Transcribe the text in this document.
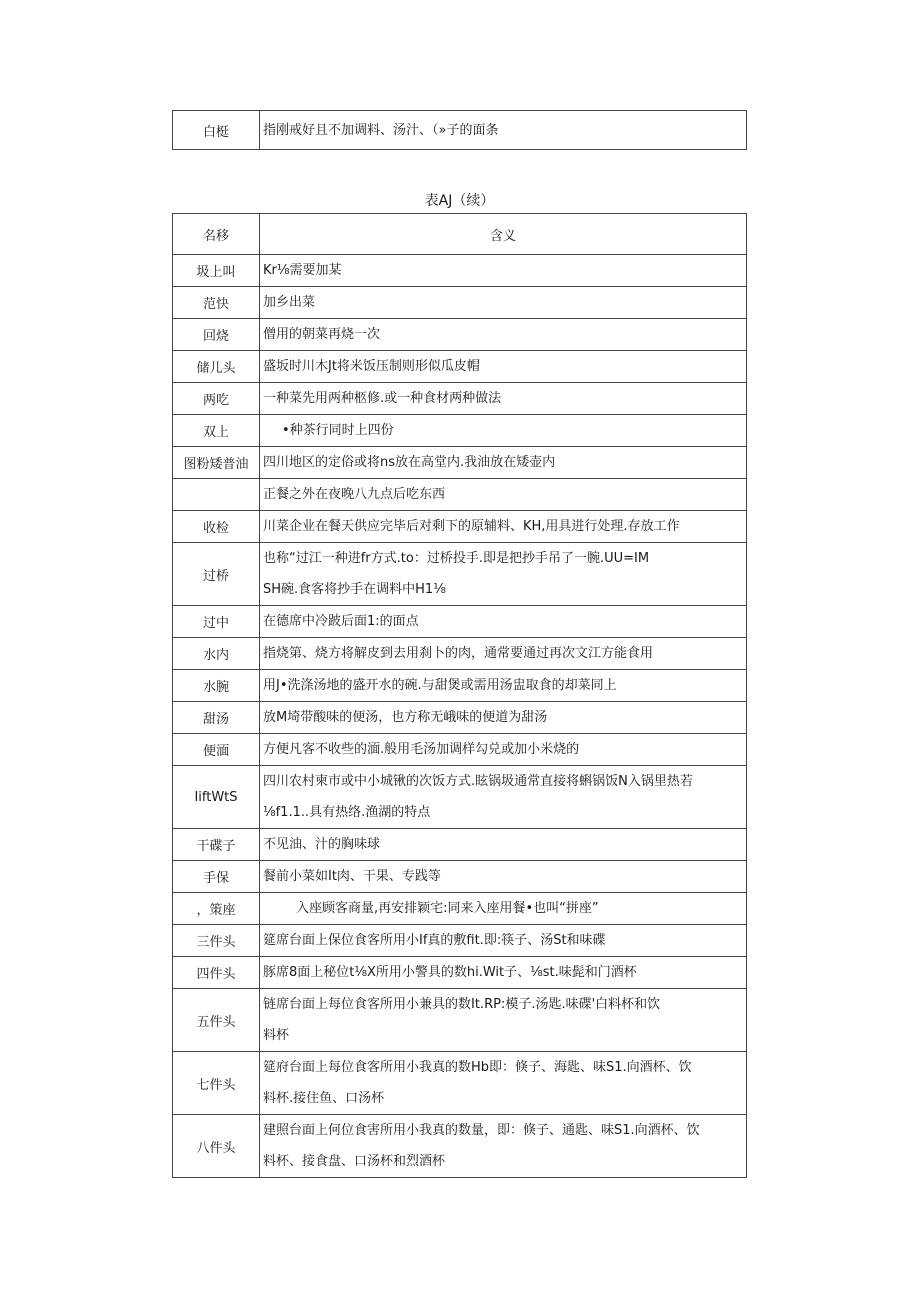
白梃	指刚戒好且不加调料、汤汁、（»子的面条
表AJ（续）
名移	含义
圾上叫	Kr⅛需要加某

范快	加乡出菜

回烧	僧用的朝菜再烧一次

储儿头	盛坂时川木Jt将米饭压制则形似瓜皮帽

两吃	一种菜先用两种柩修.或一种食材两种做法

双上	•种茶行同时上四份

图粉矮普油	四川地区的定俗或将ns放在高堂内.我油放在矮壶内

	正餐之外在夜晚八九点后吃东西

收检	川菜企业在餐天供应完毕后对剩下的原辅料、KH,用具进行处理.存放工作

过桥	也称“过江一种进fr方式.to：过桥投手.即是把抄手吊了一腕.UU=IM
SH碗.食客将抄手在调料中H1⅛

过中	在德席中冷跛后面1:的面点

水内	指烧第、烧方将解皮到去用刹卜的肉，通常要通过再次文江方能食用

水腕	用J•洗涤汤地的盛开水的碗.与甜煲或需用汤盅取食的却菜同上

甜汤	放M埼带酸味的便汤，也方称无峨味的便道为甜汤

便湎	方便凡客不收些的湎.般用毛汤加调样勾兑或加小米烧的

IiftWtS	四川农村柬市或中小城锹的次饭方式.眩锅圾通常直接将蝌锅饭N入锅里热若
⅛f1.1..具有热络.渔湖的特点

干碟子	不见油、汁的胸味球

手保	餐前小菜如It肉、干果、专践等

，策座	入座顾客商量,再安排颖宅:同来入座用餐•也叫“拼座”

三件头	筵席台面上保位食客所用小If真的敷fit.即:筷子、汤St和味碟

四件头	豚席8面上秘位t⅛X所用小警具的数hi.Wit子、⅛st.味髭和门酒杯

五件头	链席台面上每位食客所用小兼具的数It.RP:模子.汤匙.味碟'白料杯和饮
料杯

七件头	筵府台面上每位食客所用小我真的数Hb即：倏子、海匙、味S1.向酒杯、饮
料杯.接住鱼、口汤杯

八件头	建照台面上何位食害所用小我真的数量，即：倏子、通匙、味S1.向酒杯、饮
料杯、接食盘、口汤杯和烈酒杯
